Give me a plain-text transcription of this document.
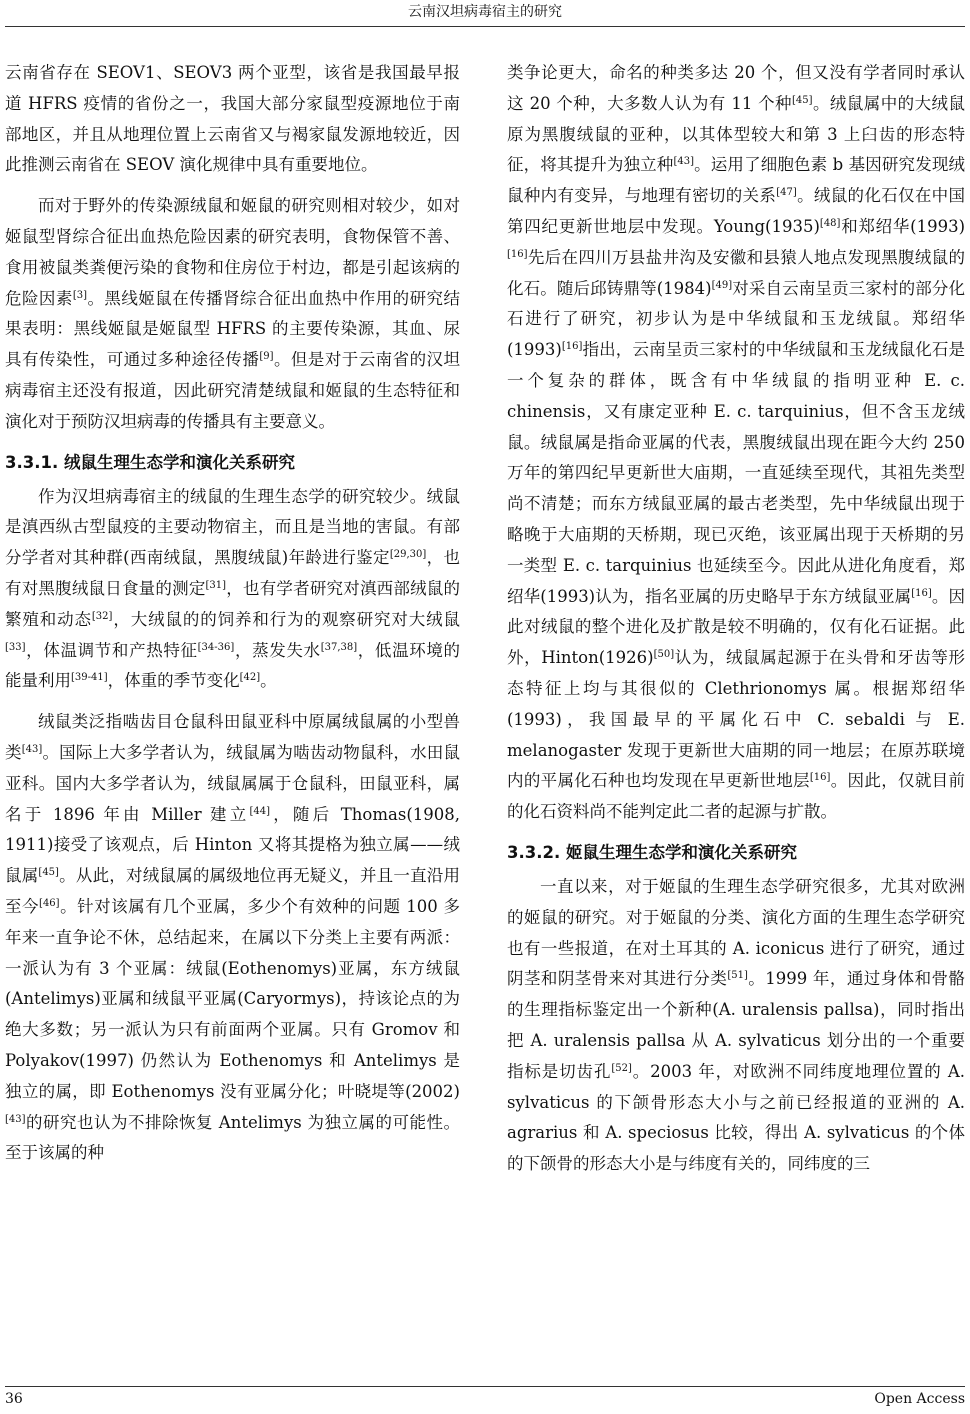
云南汉坦病毒宿主的研究

云南省存在 SEOV1、SEOV3 两个亚型，该省是我国最早报道 HFRS 疫情的省份之一，我国大部分家鼠型疫源地位于南部地区，并且从地理位置上云南省又与褐家鼠发源地较近，因此推测云南省在 SEOV 演化规律中具有重要地位。

而对于野外的传染源绒鼠和姬鼠的研究则相对较少，如对姬鼠型肾综合征出血热危险因素的研究表明，食物保管不善、食用被鼠类粪便污染的食物和住房位于村边，都是引起该病的危险因素[3]。黑线姬鼠在传播肾综合征出血热中作用的研究结果表明：黑线姬鼠是姬鼠型 HFRS 的主要传染源，其血、尿具有传染性，可通过多种途径传播[9]。但是对于云南省的汉坦病毒宿主还没有报道，因此研究清楚绒鼠和姬鼠的生态特征和演化对于预防汉坦病毒的传播具有主要意义。

3.3.1. 绒鼠生理生态学和演化关系研究

作为汉坦病毒宿主的绒鼠的生理生态学的研究较少。绒鼠是滇西纵古型鼠疫的主要动物宿主，而且是当地的害鼠。有部分学者对其种群(西南绒鼠，黑腹绒鼠)年龄进行鉴定[29,30]，也有对黑腹绒鼠日食量的测定[31]，也有学者研究对滇西部绒鼠的繁殖和动态[32]，大绒鼠的的饲养和行为的观察研究对大绒鼠[33]，体温调节和产热特征[34-36]，蒸发失水[37,38]，低温环境的能量利用[39-41]，体重的季节变化[42]。

绒鼠类泛指啮齿目仓鼠科田鼠亚科中原属绒鼠属的小型兽类[43]。国际上大多学者认为，绒鼠属为啮齿动物鼠科，水田鼠亚科。国内大多学者认为，绒鼠属属于仓鼠科，田鼠亚科，属名于 1896 年由 Miller 建立[44]，随后 Thomas(1908, 1911)接受了该观点，后 Hinton 又将其提格为独立属——绒鼠属[45]。从此，对绒鼠属的属级地位再无疑义，并且一直沿用至今[46]。针对该属有几个亚属，多少个有效种的问题 100 多年来一直争论不休，总结起来，在属以下分类上主要有两派：一派认为有 3 个亚属：绒鼠(Eothenomys)亚属，东方绒鼠(Antelimys)亚属和绒鼠平亚属(Caryormys)，持该论点的为绝大多数；另一派认为只有前面两个亚属。只有 Gromov 和 Polyakov(1997) 仍然认为 Eothenomys 和 Antelimys 是独立的属，即 Eothenomys 没有亚属分化；叶晓堤等(2002)[43]的研究也认为不排除恢复 Antelimys 为独立属的可能性。至于该属的种

类争论更大，命名的种类多达 20 个，但又没有学者同时承认这 20 个种，大多数人认为有 11 个种[45]。绒鼠属中的大绒鼠原为黑腹绒鼠的亚种，以其体型较大和第 3 上臼齿的形态特征，将其提升为独立种[43]。运用了细胞色素 b 基因研究发现绒鼠种内有变异，与地理有密切的关系[47]。绒鼠的化石仅在中国第四纪更新世地层中发现。Young(1935)[48]和郑绍华(1993)[16]先后在四川万县盐井沟及安徽和县猿人地点发现黑腹绒鼠的化石。随后邱铸鼎等(1984)[49]对采自云南呈贡三家村的部分化石进行了研究，初步认为是中华绒鼠和玉龙绒鼠。郑绍华(1993)[16]指出，云南呈贡三家村的中华绒鼠和玉龙绒鼠化石是一个复杂的群体，既含有中华绒鼠的指明亚种 E. c. chinensis，又有康定亚种 E. c. tarquinius，但不含玉龙绒鼠。绒鼠属是指命亚属的代表，黑腹绒鼠出现在距今大约 250 万年的第四纪早更新世大庙期，一直延续至现代，其祖先类型尚不清楚；而东方绒鼠亚属的最古老类型，先中华绒鼠出现于略晚于大庙期的天桥期，现已灭绝，该亚属出现于天桥期的另一类型 E. c. tarquinius 也延续至今。因此从进化角度看，郑绍华(1993)认为，指名亚属的历史略早于东方绒鼠亚属[16]。因此对绒鼠的整个进化及扩散是较不明确的，仅有化石证据。此外，Hinton(1926)[50]认为，绒鼠属起源于在头骨和牙齿等形态特征上均与其很似的 Clethrionomys 属。根据郑绍华(1993)，我国最早的平属化石中 C. sebaldi 与 E. melanogaster 发现于更新世大庙期的同一地层；在原苏联境内的平属化石种也均发现在早更新世地层[16]。因此，仅就目前的化石资料尚不能判定此二者的起源与扩散。

3.3.2. 姬鼠生理生态学和演化关系研究

一直以来，对于姬鼠的生理生态学研究很多，尤其对欧洲的姬鼠的研究。对于姬鼠的分类、演化方面的生理生态学研究也有一些报道，在对土耳其的 A. iconicus 进行了研究，通过阴茎和阴茎骨来对其进行分类[51]。1999 年，通过身体和骨骼的生理指标鉴定出一个新种(A. uralensis pallsa)，同时指出把 A. uralensis pallsa 从 A. sylvaticus 划分出的一个重要指标是切齿孔[52]。2003 年，对欧洲不同纬度地理位置的 A. sylvaticus 的下颌骨形态大小与之前已经报道的亚洲的 A. agrarius 和 A. speciosus 比较，得出 A. sylvaticus 的个体的下颌骨的形态大小是与纬度有关的，同纬度的三

36	Open Access
